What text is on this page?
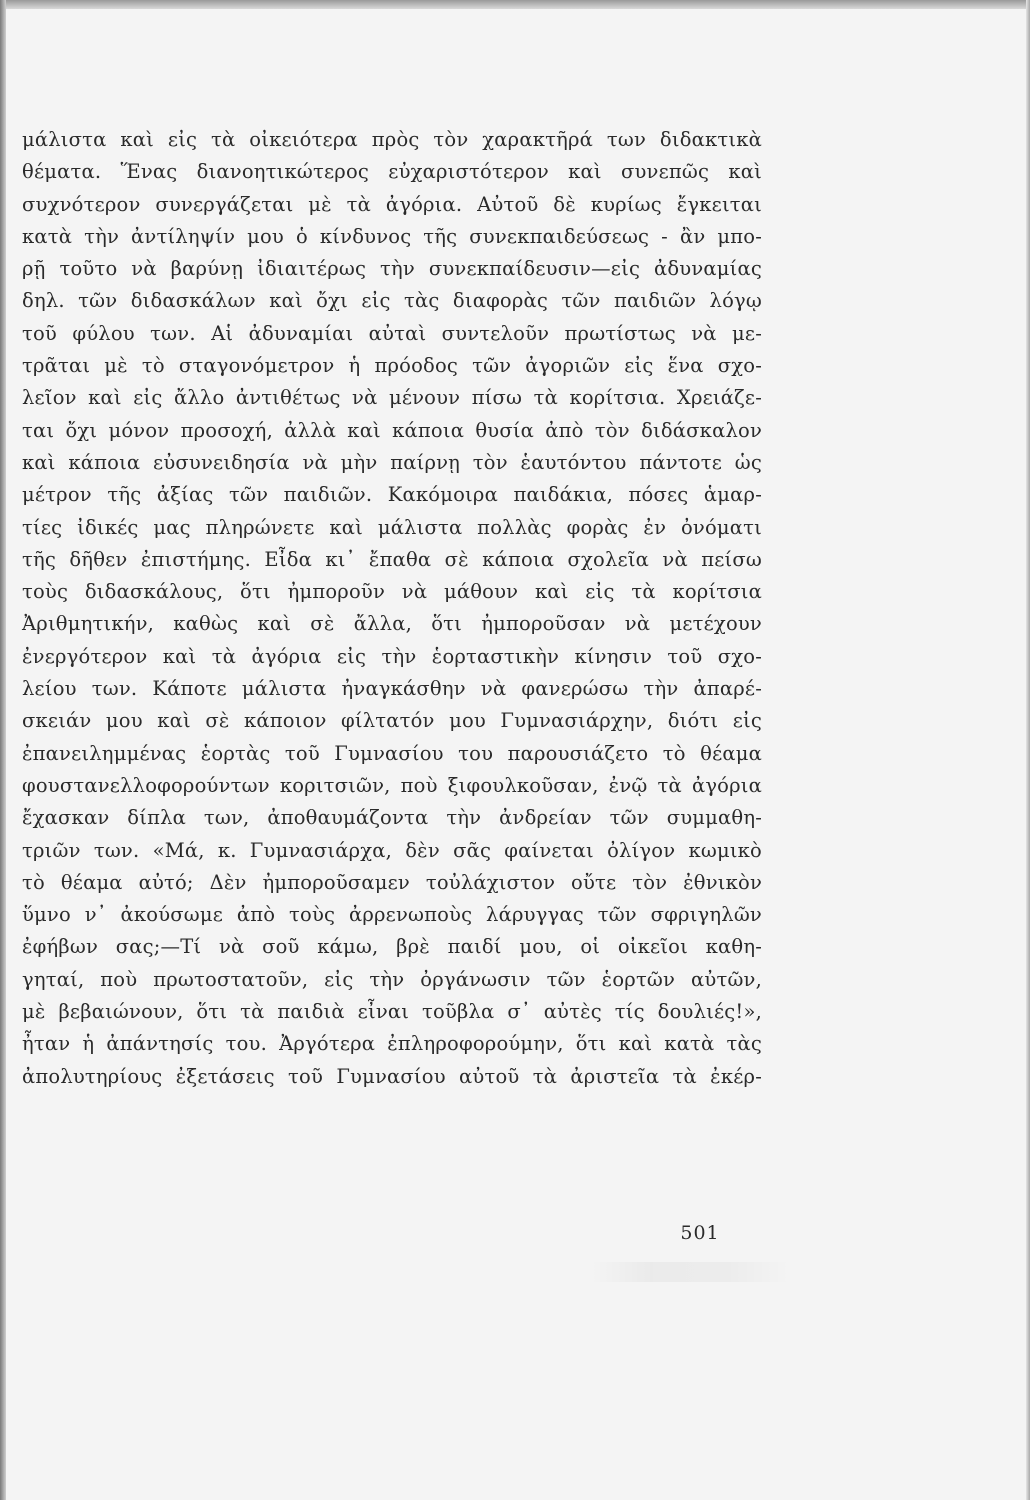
μάλιστα καὶ εἰς τὰ οἰκειότερα πρὸς τὸν χαρακτῆρά των διδακτικὰ
θέματα. Ἕνας διανοητικώτερος εὐχαριστότερον καὶ συνεπῶς καὶ
συχνότερον συνεργάζεται μὲ τὰ ἀγόρια. Αὐτοῦ δὲ κυρίως ἔγκειται
κατὰ τὴν ἀντίληψίν μου ὁ κίνδυνος τῆς συνεκπαιδεύσεως - ἂν μπο-
ρῇ τοῦτο νὰ βαρύνῃ ἰδιαιτέρως τὴν συνεκπαίδευσιν—εἰς ἀδυναμίας
δηλ. τῶν διδασκάλων καὶ ὄχι εἰς τὰς διαφορὰς τῶν παιδιῶν λόγῳ
τοῦ φύλου των. Αἱ ἀδυναμίαι αὐταὶ συντελοῦν πρωτίστως νὰ με-
τρᾶται μὲ τὸ σταγονόμετρον ἡ πρόοδος τῶν ἀγοριῶν εἰς ἕνα σχο-
λεῖον καὶ εἰς ἄλλο ἀντιθέτως νὰ μένουν πίσω τὰ κορίτσια. Χρειάζε-
ται ὄχι μόνον προσοχή, ἀλλὰ καὶ κάποια θυσία ἀπὸ τὸν διδάσκαλον
καὶ κάποια εὐσυνειδησία νὰ μὴν παίρνῃ τὸν ἑαυτόντου πάντοτε ὡς
μέτρον τῆς ἀξίας τῶν παιδιῶν. Κακόμοιρα παιδάκια, πόσες ἁμαρ-
τίες ἰδικές μας πληρώνετε καὶ μάλιστα πολλὰς φορὰς ἐν ὀνόματι
τῆς δῆθεν ἐπιστήμης. Εἶδα κι᾽ ἔπαθα σὲ κάποια σχολεῖα νὰ πείσω
τοὺς διδασκάλους, ὅτι ἠμποροῦν νὰ μάθουν καὶ εἰς τὰ κορίτσια
Ἀριθμητικήν, καθὼς καὶ σὲ ἄλλα, ὅτι ἠμποροῦσαν νὰ μετέχουν
ἐνεργότερον καὶ τὰ ἀγόρια εἰς τὴν ἑορταστικὴν κίνησιν τοῦ σχο-
λείου των. Κάποτε μάλιστα ἠναγκάσθην νὰ φανερώσω τὴν ἀπαρέ-
σκειάν μου καὶ σὲ κάποιον φίλτατόν μου Γυμνασιάρχην, διότι εἰς
ἐπανειλημμένας ἑορτὰς τοῦ Γυμνασίου του παρουσιάζετο τὸ θέαμα
φουστανελλοφορούντων κοριτσιῶν, ποὺ ξιφουλκοῦσαν, ἐνῷ τὰ ἀγόρια
ἔχασκαν δίπλα των, ἀποθαυμάζοντα τὴν ἀνδρείαν τῶν συμμαθη-
τριῶν των. «Μά, κ. Γυμνασιάρχα, δὲν σᾶς φαίνεται ὀλίγον κωμικὸ
τὸ θέαμα αὐτό; Δὲν ἠμποροῦσαμεν τοὐλάχιστον οὔτε τὸν ἐθνικὸν
ὕμνο ν᾽ ἀκούσωμε ἀπὸ τοὺς ἀρρενωποὺς λάρυγγας τῶν σφριγηλῶν
ἐφήβων σας;—Τί νὰ σοῦ κάμω, βρὲ παιδί μου, οἱ οἰκεῖοι καθη-
γηταί, ποὺ πρωτοστατοῦν, εἰς τὴν ὀργάνωσιν τῶν ἑορτῶν αὐτῶν,
μὲ βεβαιώνουν, ὅτι τὰ παιδιὰ εἶναι τοῦβλα σ᾽ αὐτὲς τίς δουλιές!»,
ἦταν ἡ ἀπάντησίς του. Ἀργότερα ἐπληροφορούμην, ὅτι καὶ κατὰ τὰς
ἀπολυτηρίους ἐξετάσεις τοῦ Γυμνασίου αὐτοῦ τὰ ἀριστεῖα τὰ ἐκέρ-
501
